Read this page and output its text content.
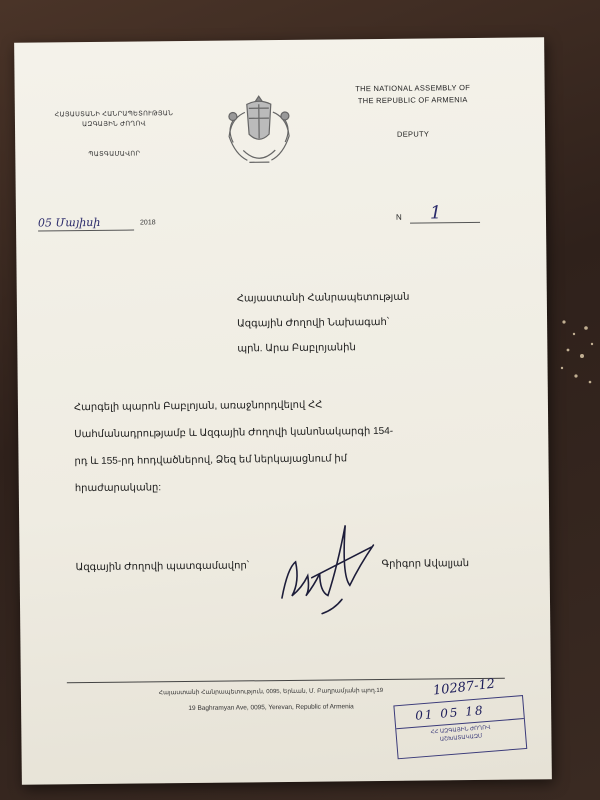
ՀԱՅԱՍՏԱՆԻ ՀԱՆՐԱՊԵՏՈՒԹՅԱՆ
ԱԶԳԱՅԻՆ ԺՈՂՈՎ
ՊԱՏԳԱՄԱՎՈՐ
THE NATIONAL ASSEMBLY OF
THE REPUBLIC OF ARMENIA
DEPUTY
05 Մայիսի	2018
N 1
Հայաստանի Հանրապետության
Ազգային Ժողովի Նախագահ՝
պրն. Արա Բաբլոյանին
Հարգելի պարոն Բաբլոյան, առաջնորդվելով ՀՀ
Սահմանադրությամբ և Ազգային Ժողովի կանոնակարգի 154-
րդ և 155-րդ հոդվածներով, Ձեզ եմ ներկայացնում իմ
հրաժարականը:
Ազգային Ժողովի պատգամավոր՝	Գրիգոր Ավալյան
Հայաստանի Հանրապետություն, 0095, Երևան, Մ. Բաղրամյանի պող.19
19 Baghramyan Ave, 0095, Yerevan, Republic of Armenia
10287-12
01 05 18
ՀՀ ԱԶԳԱՅԻՆ ԺՈՂՈՎ
ԱՇԽԱՏԱԿԱԶՄ
